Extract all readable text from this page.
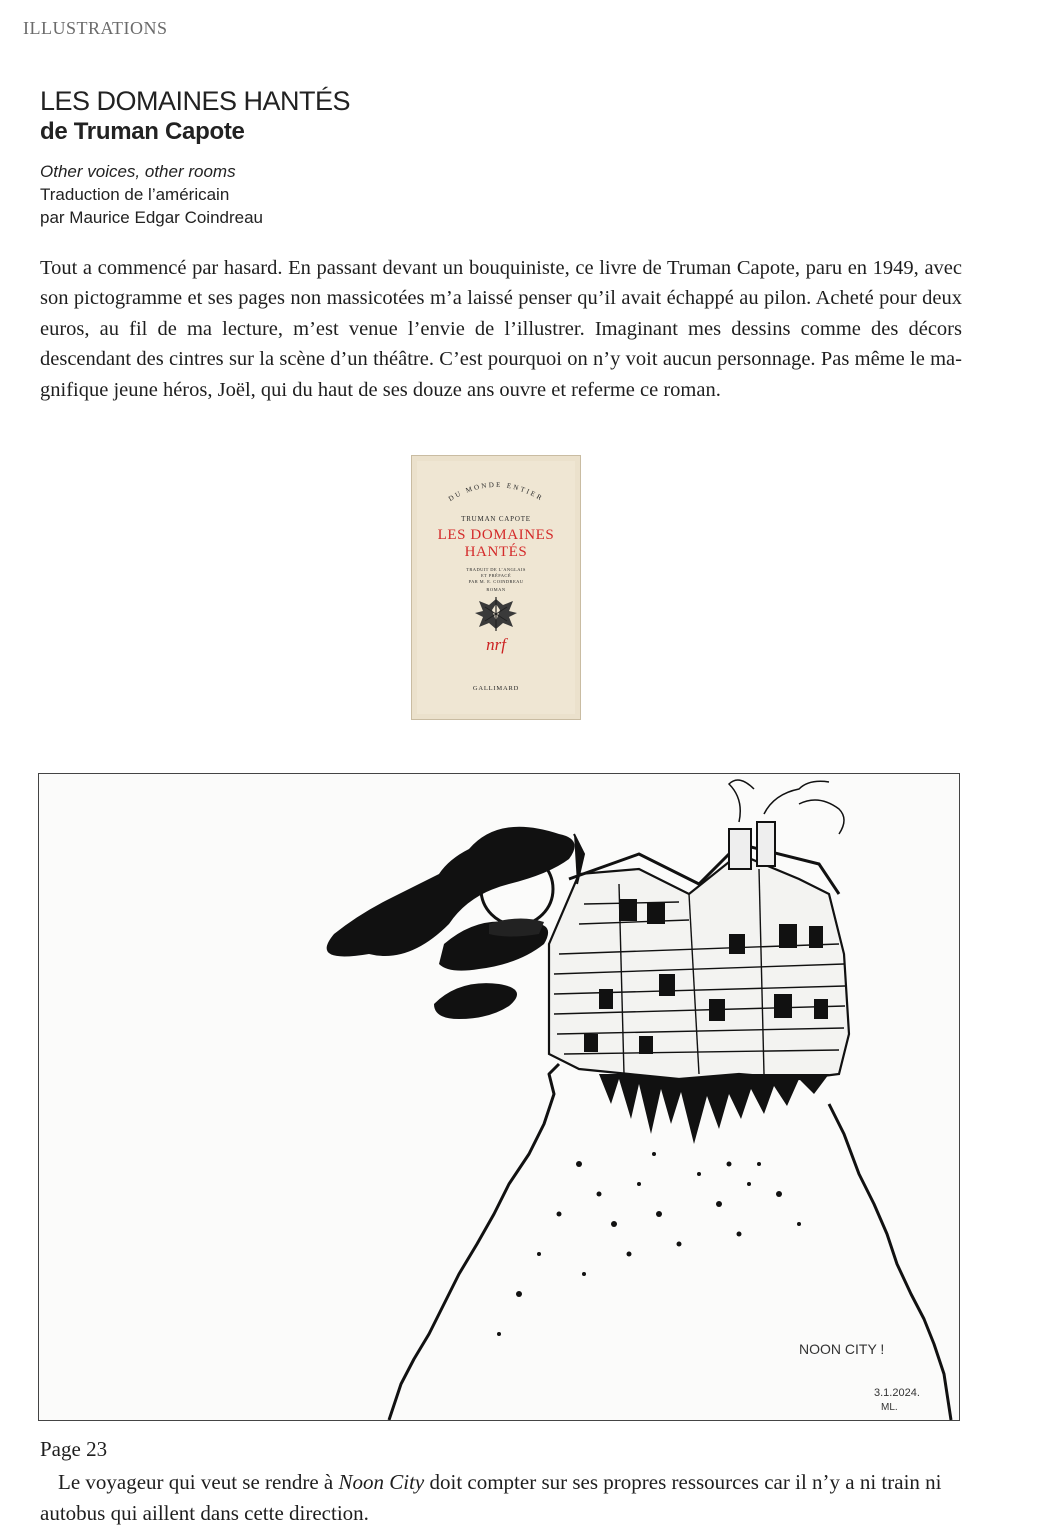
ILLUSTRATIONS
LES DOMAINES HANTÉS
de Truman Capote
Other voices, other rooms
Traduction de l’américain
par Maurice Edgar Coindreau
Tout a commencé par hasard. En passant devant un bouquiniste, ce livre de Truman Capote, paru en 1949, avec son pictogramme et ses pages non massicotées m’a laissé penser qu’il avait échappé au pilon. Acheté pour deux euros, au fil de ma lecture, m’est venue l’envie de l’illustrer. Imaginant mes dessins comme des décors descendant des cintres sur la scène d’un théâtre. C’est pourquoi on n’y voit aucun personnage. Pas même le magnifique jeune héros, Joël, qui du haut de ses douze ans ouvre et referme ce roman.
DU MONDE ENTIER
TRUMAN CAPOTE
LES DOMAINES
HANTÉS
TRADUIT DE L’ANGLAIS
ET PRÉFACÉ
PAR M. E. COINDREAU
ROMAN
nrf
GALLIMARD
NOON CITY !
3.1.2024.
ML.
Page 23
Le voyageur qui veut se rendre à Noon City doit compter sur ses propres ressources car il n’y a ni train ni autobus qui aillent dans cette direction.
